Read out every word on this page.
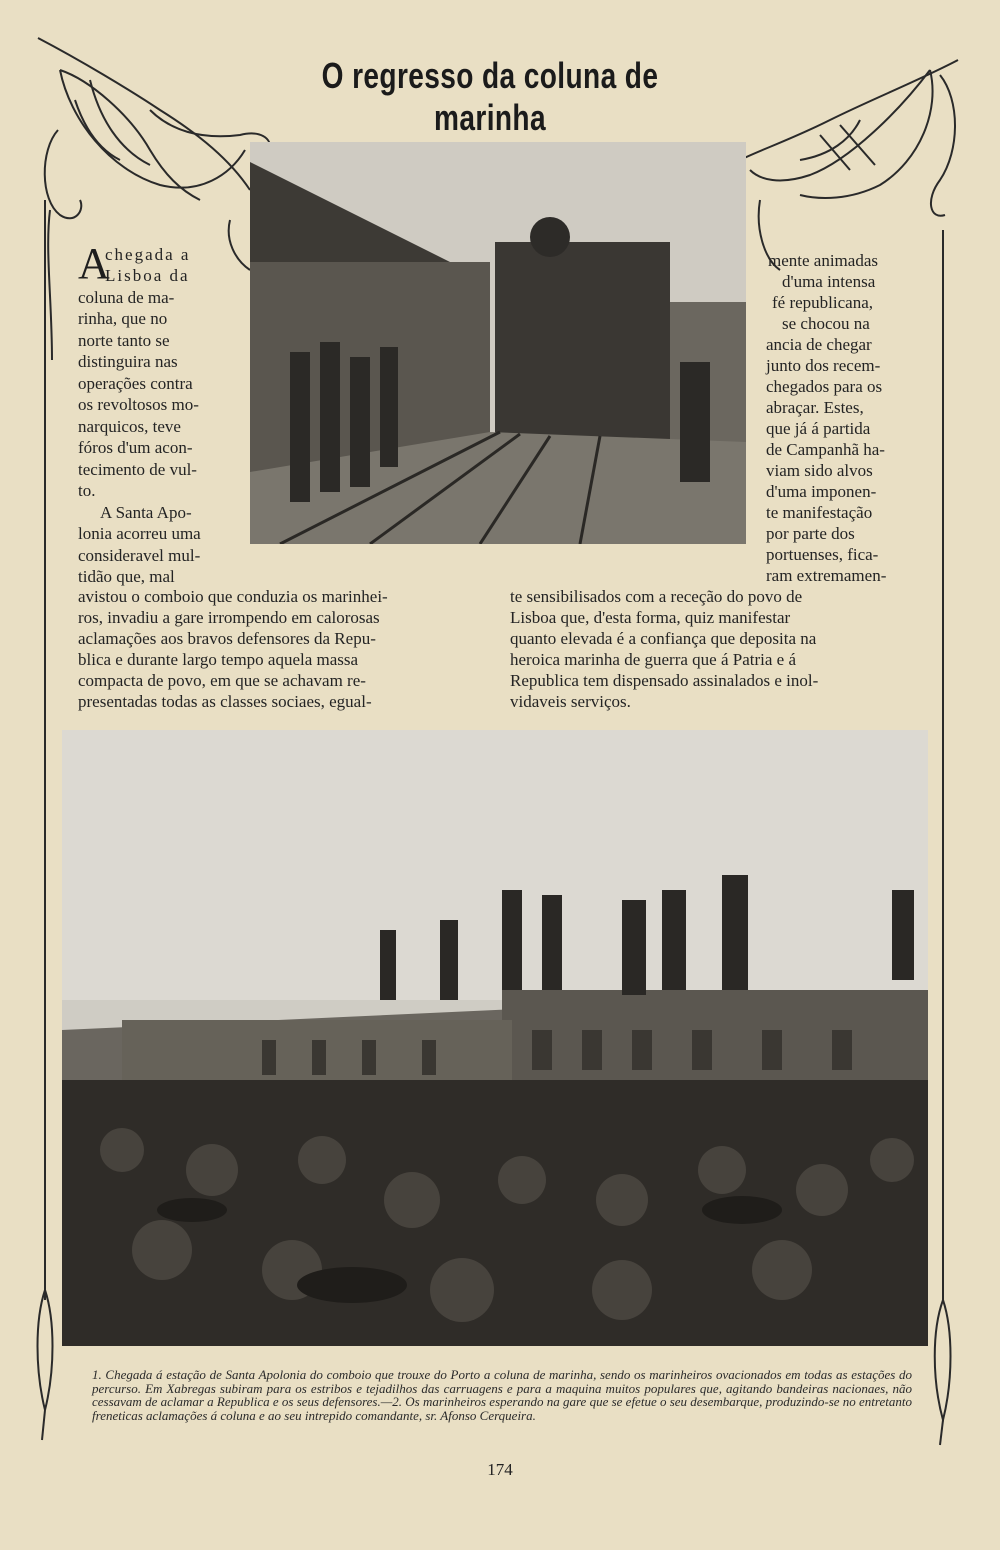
O regresso da coluna de marinha
A
chegada a
Lisboa da
coluna de ma-
rinha, que no
norte tanto se
distinguira nas
operações contra
os revoltosos mo-
narquicos, teve
fóros d'um acon-
tecimento de vul-
to.
A Santa Apo-
lonia acorreu uma
consideravel mul-
tidão que, mal
mente animadas
d'uma intensa
fé republicana,
se chocou na
ancia de chegar
junto dos recem-
chegados para os
abraçar. Estes,
que já á partida
de Campanhã ha-
viam sido alvos
d'uma imponen-
te manifestação
por parte dos
portuenses, fica-
ram extremamen-
avistou o comboio que conduzia os marinhei-
ros, invadiu a gare irrompendo em calorosas
aclamações aos bravos defensores da Repu-
blica e durante largo tempo aquela massa
compacta de povo, em que se achavam re-
presentadas todas as classes sociaes, egual-
te sensibilisados com a receção do povo de
Lisboa que, d'esta forma, quiz manifestar
quanto elevada é a confiança que deposita na
heroica marinha de guerra que á Patria e á
Republica tem dispensado assinalados e inol-
vidaveis serviços.
1. Chegada á estação de Santa Apolonia do comboio que trouxe do Porto a coluna de marinha, sendo os marinheiros ovacionados em todas as estações do percurso. Em Xabregas subiram para os estribos e tejadilhos das carruagens e para a maquina muitos populares que, agitando bandeiras nacionaes, não cessavam de aclamar a Republica e os seus defensores.—2. Os marinheiros esperando na gare que se efetue o seu desembarque, produzindo-se no entretanto freneticas aclamações á coluna e ao seu intrepido comandante, sr. Afonso Cerqueira.
174
